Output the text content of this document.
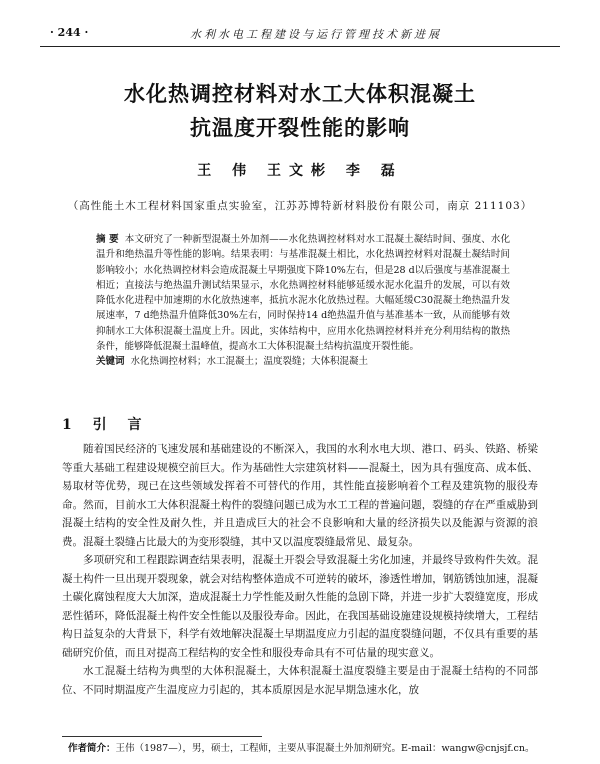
· 244 ·	水利水电工程建设与运行管理技术新进展
水化热调控材料对水工大体积混凝土
抗温度开裂性能的影响
王 伟 王文彬 李 磊
（高性能土木工程材料国家重点实验室，江苏苏博特新材料股份有限公司，南京 211103）
摘 要 本文研究了一种新型混凝土外加剂——水化热调控材料对水工混凝土凝结时间、强度、水化温升和绝热温升等性能的影响。结果表明：与基准混凝土相比，水化热调控材料对混凝土凝结时间影响较小；水化热调控材料会造成混凝土早期强度下降10%左右，但是28 d以后强度与基准混凝土相近；直接法与绝热温升测试结果显示，水化热调控材料能够延缓水泥水化温升的发展，可以有效降低水化进程中加速期的水化放热速率，抵抗水泥水化放热过程。大幅延缓C30混凝土绝热温升发展速率，7 d绝热温升值降低30%左右，同时保持14 d绝热温升值与基准基本一致，从而能够有效抑制水工大体积混凝土温度上升。因此，实体结构中，应用水化热调控材料并充分利用结构的散热条件，能够降低混凝土温峰值，提高水工大体积混凝土结构抗温度开裂性能。
关键词 水化热调控材料；水工混凝土；温度裂缝；大体积混凝土
1 引 言

随着国民经济的飞速发展和基础建设的不断深入，我国的水利水电大坝、港口、码头、铁路、桥梁等重大基础工程建设规模空前巨大。作为基础性大宗建筑材料——混凝土，因为具有强度高、成本低、易取材等优势，现已在这些领域发挥着不可替代的作用，其性能直接影响着个工程及建筑物的服役寿命。然而，目前水工大体积混凝土构件的裂缝问题已成为水工工程的普遍问题，裂缝的存在严重威胁到混凝土结构的安全性及耐久性，并且造成巨大的社会不良影响和大量的经济损失以及能源与资源的浪费。混凝土裂缝占比最大的为变形裂缝，其中又以温度裂缝最常见、最复杂。

多项研究和工程跟踪调查结果表明，混凝土开裂会导致混凝土劣化加速，并最终导致构件失效。混凝土构件一旦出现开裂现象，就会对结构整体造成不可逆转的破坏，渗透性增加，钢筋锈蚀加速，混凝土碳化腐蚀程度大大加深，造成混凝土力学性能及耐久性能的急剧下降，并进一步扩大裂缝宽度，形成恶性循环，降低混凝土构件安全性能以及服役寿命。因此，在我国基础设施建设规模持续增大，工程结构日益复杂的大背景下，科学有效地解决混凝土早期温度应力引起的温度裂缝问题，不仅具有重要的基础研究价值，而且对提高工程结构的安全性和服役寿命具有不可估量的现实意义。

水工混凝土结构为典型的大体积混凝土，大体积混凝土温度裂缝主要是由于混凝土结构的不同部位、不同时期温度产生温度应力引起的，其本质原因是水泥早期急速水化，放

作者简介：王伟（1987—），男，硕士，工程师，主要从事混凝土外加剂研究。E-mail：wangw@cnjsjf.cn。
